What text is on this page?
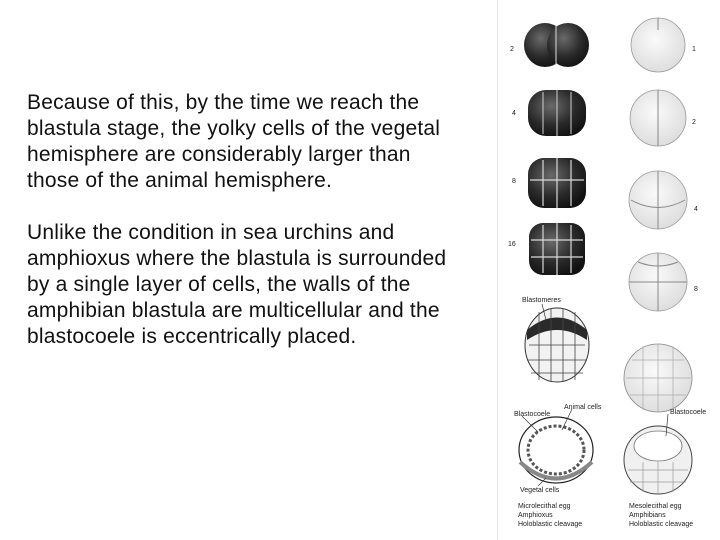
Because of this, by the time we reach the blastula stage, the yolky cells of the vegetal hemisphere are considerably larger than those of the animal hemisphere.

Unlike the condition in sea urchins and amphioxus where the blastula is surrounded by a single layer of cells, the walls of the amphibian blastula are multicellular and the blastocoele is eccentrically placed.

2
4
8
16
1
2
4
8
Blastomeres
Animal cells
Blastocoele	Blastocoele
Vegetal cells
Microlecithal egg
Amphioxus
Holoblastic cleavage
Mesolecithal egg
Amphibians
Holoblastic cleavage
